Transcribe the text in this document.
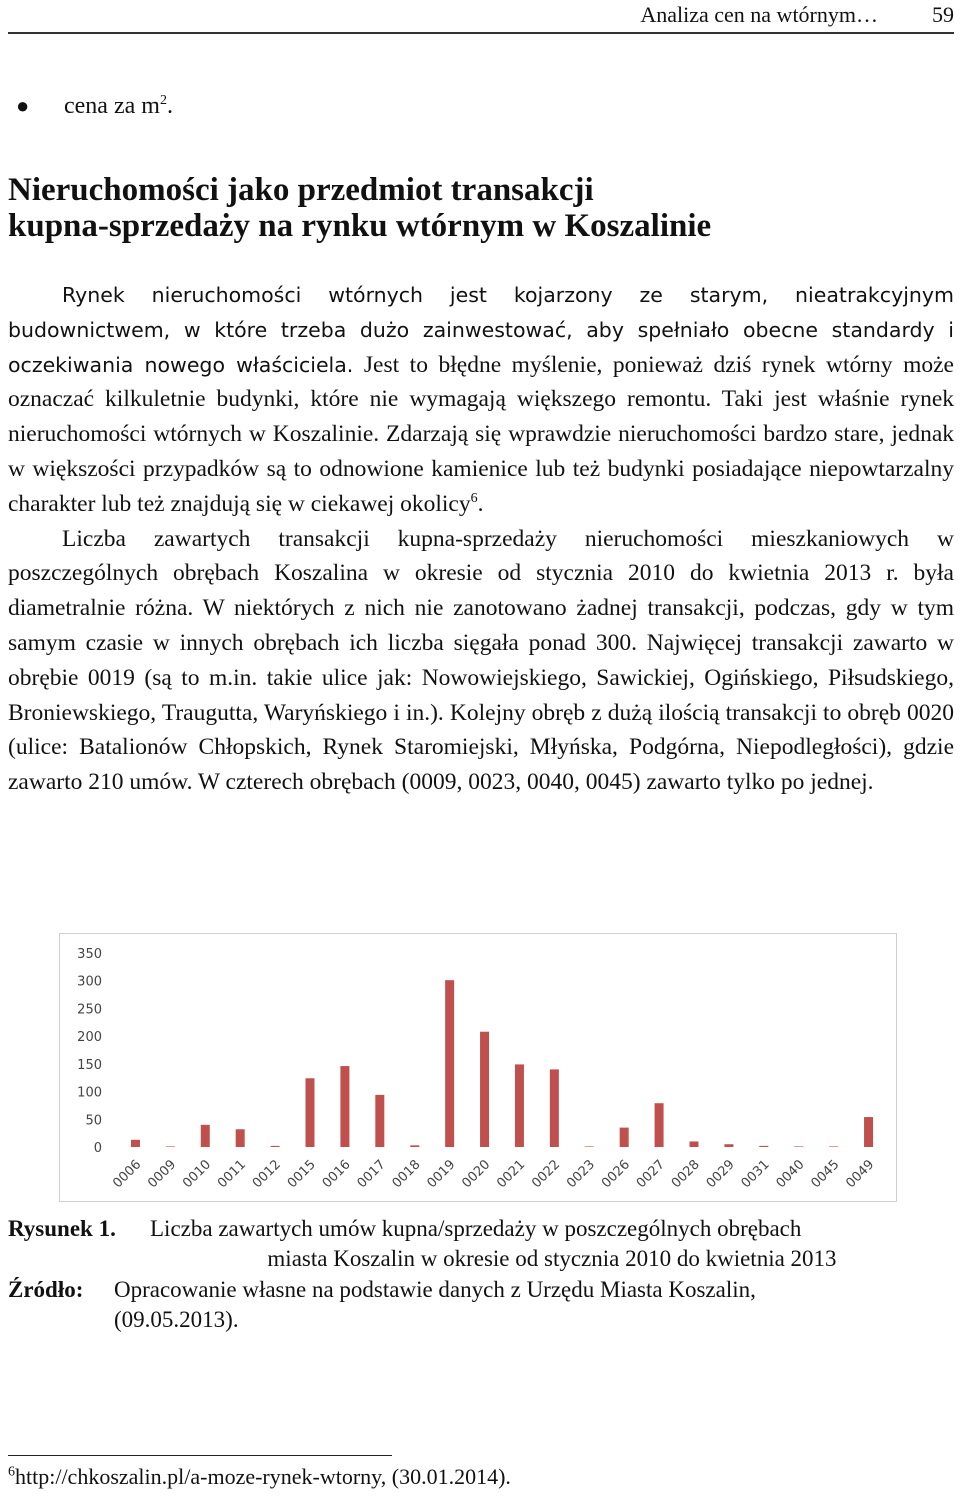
Analiza cen na wtórnym… 59
● cena za $m^2$.
Nieruchomości jako przedmiot transakcji
kupna-sprzedaży na rynku wtórnym w Koszalinie

Rynek nieruchomości wtórnych jest kojarzony ze starym, nieatrakcyjnym budownictwem, w które trzeba dużo zainwestować, aby spełniało obecne standardy i oczekiwania nowego właściciela. Jest to błędne myślenie, ponieważ dziś rynek wtórny może oznaczać kilkuletnie budynki, które nie wymagają większego remontu. Taki jest właśnie rynek nieruchomości wtórnych w Koszalinie. Zdarzają się wprawdzie nieruchomości bardzo stare, jednak w większości przypadków są to odnowione kamienice lub też budynki posiadające niepowtarzalny charakter lub też znajdują się w ciekawej okolicy$^6$.

Liczba zawartych transakcji kupna-sprzedaży nieruchomości mieszkaniowych w poszczególnych obrębach Koszalina w okresie od stycznia 2010 do kwietnia 2013 r. była diametralnie różna. W niektórych z nich nie zanotowano żadnej transakcji, podczas, gdy w tym samym czasie w innych obrębach ich liczba sięgała ponad 300. Najwięcej transakcji zawarto w obrębie 0019 (są to m.in. takie ulice jak: Nowowiejskiego, Sawickiej, Ogińskiego, Piłsudskiego, Broniewskiego, Traugutta, Waryńskiego i in.). Kolejny obręb z dużą ilością transakcji to obręb 0020 (ulice: Batalionów Chłopskich, Rynek Staromiejski, Młyńska, Podgórna, Niepodległości), gdzie zawarto 210 umów. W czterech obrębach (0009, 0023, 0040, 0045) zawarto tylko po jednej.

0
50
100
150
200
250
300
350
0006 0009 0010 0011 0012 0015 0016 0017 0018 0019 0020 0021 0022 0023 0026 0027 0028 0029 0031 0040 0045 0049
Rysunek 1. Liczba zawartych umów kupna/sprzedaży w poszczególnych obrębach
miasta Koszalin w okresie od stycznia 2010 do kwietnia 2013
Źródło: Opracowanie własne na podstawie danych z Urzędu Miasta Koszalin,
(09.05.2013).
$^6$http://chkoszalin.pl/a-moze-rynek-wtorny, (30.01.2014).
